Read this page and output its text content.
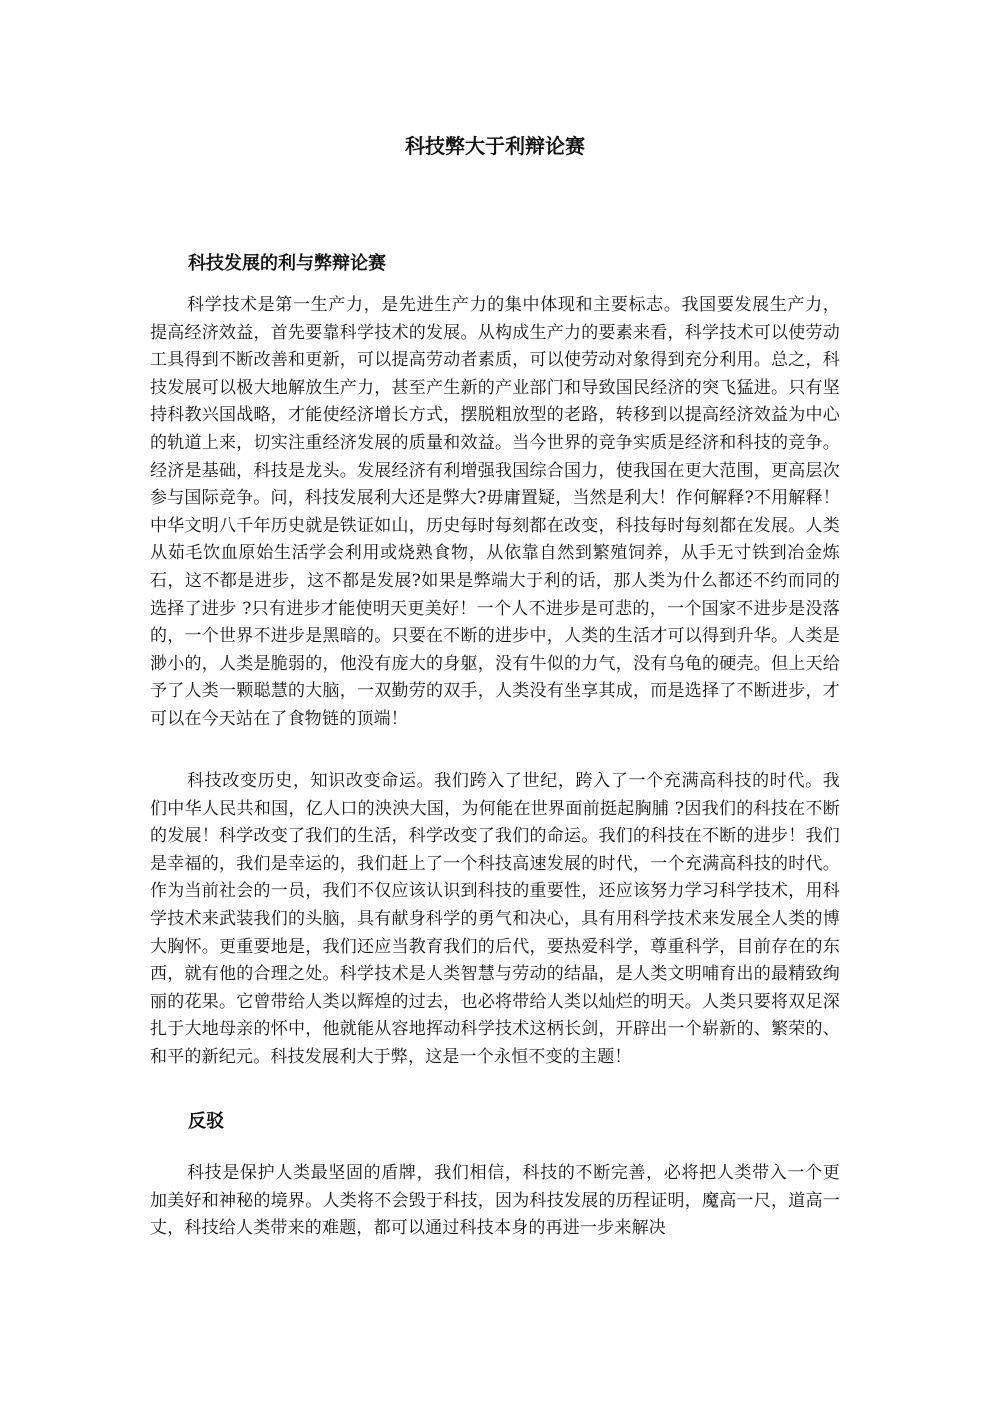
科技弊大于利辩论赛
科技发展的利与弊辩论赛

科学技术是第一生产力，是先进生产力的集中体现和主要标志。我国要发展生产力，提高经济效益，首先要靠科学技术的发展。从构成生产力的要素来看，科学技术可以使劳动工具得到不断改善和更新，可以提高劳动者素质，可以使劳动对象得到充分利用。总之，科技发展可以极大地解放生产力，甚至产生新的产业部门和导致国民经济的突飞猛进。只有坚持科教兴国战略，才能使经济增长方式，摆脱粗放型的老路，转移到以提高经济效益为中心的轨道上来，切实注重经济发展的质量和效益。当今世界的竞争实质是经济和科技的竞争。经济是基础，科技是龙头。发展经济有利增强我国综合国力，使我国在更大范围，更高层次参与国际竞争。问，科技发展利大还是弊大?毋庸置疑，当然是利大！作何解释?不用解释！中华文明八千年历史就是铁证如山，历史每时每刻都在改变，科技每时每刻都在发展。人类从茹毛饮血原始生活学会利用或烧熟食物，从依靠自然到繁殖饲养，从手无寸铁到冶金炼石，这不都是进步，这不都是发展?如果是弊端大于利的话，那人类为什么都还不约而同的选择了进步 ?只有进步才能使明天更美好！一个人不进步是可悲的，一个国家不进步是没落的，一个世界不进步是黑暗的。只要在不断的进步中，人类的生活才可以得到升华。人类是渺小的，人类是脆弱的，他没有庞大的身躯，没有牛似的力气，没有乌龟的硬壳。但上天给予了人类一颗聪慧的大脑，一双勤劳的双手，人类没有坐享其成，而是选择了不断进步，才可以在今天站在了食物链的顶端！

科技改变历史，知识改变命运。我们跨入了世纪，跨入了一个充满高科技的时代。我们中华人民共和国，亿人口的泱泱大国，为何能在世界面前挺起胸脯 ?因我们的科技在不断的发展！科学改变了我们的生活，科学改变了我们的命运。我们的科技在不断的进步！我们是幸福的，我们是幸运的，我们赶上了一个科技高速发展的时代，一个充满高科技的时代。作为当前社会的一员，我们不仅应该认识到科技的重要性，还应该努力学习科学技术，用科学技术来武装我们的头脑，具有献身科学的勇气和决心，具有用科学技术来发展全人类的博大胸怀。更重要地是，我们还应当教育我们的后代，要热爱科学，尊重科学，目前存在的东西，就有他的合理之处。科学技术是人类智慧与劳动的结晶，是人类文明哺育出的最精致绚丽的花果。它曾带给人类以辉煌的过去，也必将带给人类以灿烂的明天。人类只要将双足深扎于大地母亲的怀中，他就能从容地挥动科学技术这柄长剑，开辟出一个崭新的、繁荣的、和平的新纪元。科技发展利大于弊，这是一个永恒不变的主题！

反驳

科技是保护人类最坚固的盾牌，我们相信，科技的不断完善，必将把人类带入一个更加美好和神秘的境界。人类将不会毁于科技，因为科技发展的历程证明，魔高一尺，道高一丈，科技给人类带来的难题，都可以通过科技本身的再进一步来解决
